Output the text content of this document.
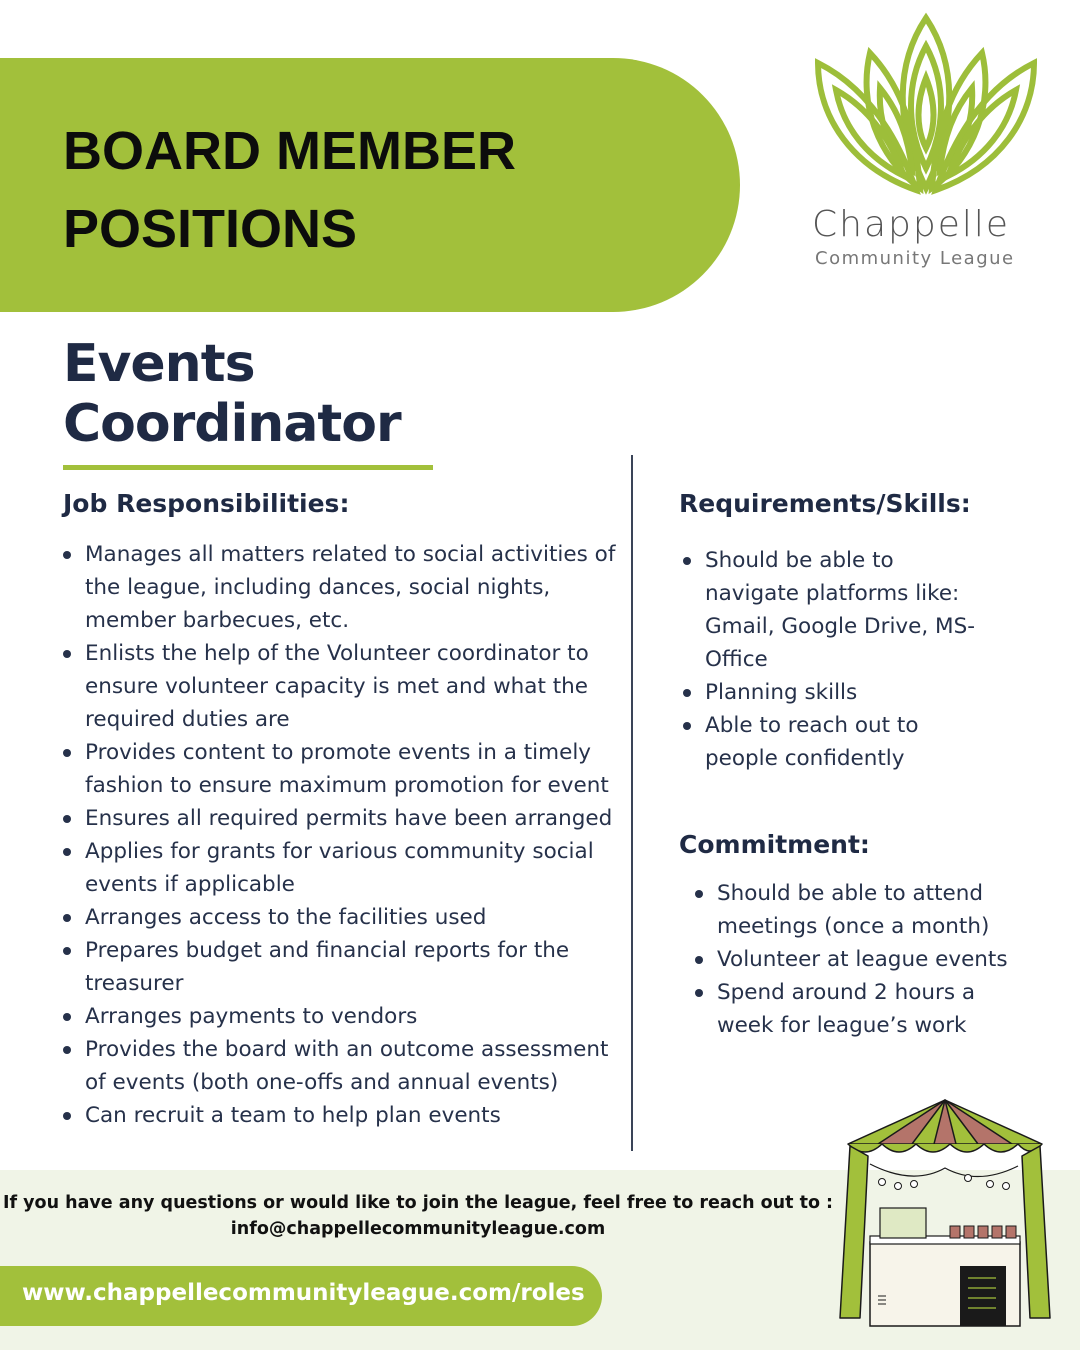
BOARD MEMBER
POSITIONS	Chappelle
Community League
Events
Coordinator
Job Responsibilities:
Manages all matters related to social activities of the league, including dances, social nights, member barbecues, etc.
Enlists the help of the Volunteer coordinator to ensure volunteer capacity is met and what the required duties are
Provides content to promote events in a timely fashion to ensure maximum promotion for event
Ensures all required permits have been arranged
Applies for grants for various community social events if applicable
Arranges access to the facilities used
Prepares budget and financial reports for the treasurer
Arranges payments to vendors
Provides the board with an outcome assessment of events (both one-offs and annual events)
Can recruit a team to help plan events
Requirements/Skills:
Should be able to navigate platforms like: Gmail, Google Drive, MS-Office
Planning skills
Able to reach out to people confidently
Commitment:
Should be able to attend meetings (once a month)
Volunteer at league events
Spend around 2 hours a week for league’s work
If you have any questions or would like to join the league, feel free to reach out to :
info@chappellecommunityleague.com

www.chappellecommunityleague.com/roles
